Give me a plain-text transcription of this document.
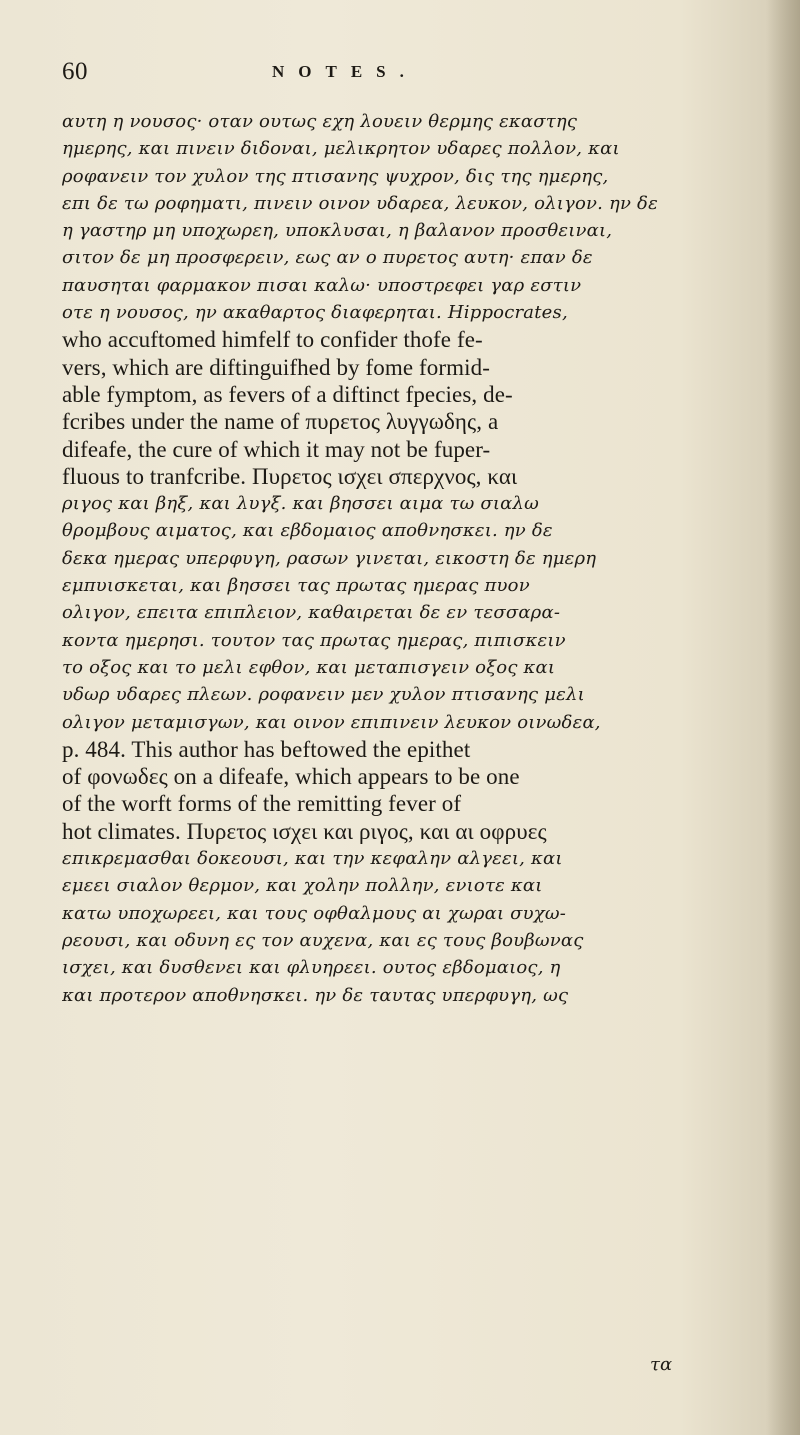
60	NOTES.
αυτη η νουσος· οταν ουτως εχη λουειν θερμης εκαστης
ημερης, και πινειν διδοναι, μελικρητον υδαρες πολλον, και
ροφανειν τον χυλον της πτισανης ψυχρον, δις της ημερης,
επι δε τω ροφηματι, πινειν οινον υδαρεα, λευκον, ολιγον. ην δε
η γαστηρ μη υποχωρεη, υποκλυσαι, η βαλανον προσθειναι,
σιτον δε μη προσφερειν, εως αν ο πυρετος αυτη· επαν δε
παυσηται φαρμακον πισαι καλω· υποστρεφει γαρ εστιν
οτε η νουσος, ην ακαθαρτος διαφερηται. Hippocrates,
who accuftomed himfelf to confider thofe fe-
vers, which are diftinguifhed by fome formid-
able fymptom, as fevers of a diftinct fpecies, de-
fcribes under the name of πυρετος λυγγωδης, a
difeafe, the cure of which it may not be fuper-
fluous to tranfcribe. Πυρετος ισχει σπερχνος, και
ριγος και βηξ, και λυγξ. και βησσει αιμα τω σιαλω
θρομβους αιματος, και εβδομαιος αποθνησκει. ην δε
δεκα ημερας υπερφυγη, ρασων γινεται, εικοστη δε ημερη
εμπυισκεται, και βησσει τας πρωτας ημερας πυον
ολιγον, επειτα επιπλειον, καθαιρεται δε εν τεσσαρα-
κοντα ημερησι. τουτον τας πρωτας ημερας, πιπισκειν
το οξος και το μελι εφθον, και μεταπισγειν οξος και
υδωρ υδαρες πλεων. ροφανειν μεν χυλον πτισανης μελι
ολιγον μεταμισγων, και οινον επιπινειν λευκον οινωδεα,
p. 484. This author has beftowed the epithet
of φονωδες on a difeafe, which appears to be one
of the worft forms of the remitting fever of
hot climates. Πυρετος ισχει και ριγος, και αι οφρυες
επικρεμασθαι δοκεουσι, και την κεφαλην αλγεει, και
εμεει σιαλον θερμον, και χολην πολλην, ενιοτε και
κατω υποχωρεει, και τους οφθαλμους αι χωραι συχω-
ρεουσι, και οδυνη ες τον αυχενα, και ες τους βουβωνας
ισχει, και δυσθενει και φλυηρεει. ουτος εβδομαιος, η
και προτερον αποθνησκει. ην δε ταυτας υπερφυγη, ως
τα
